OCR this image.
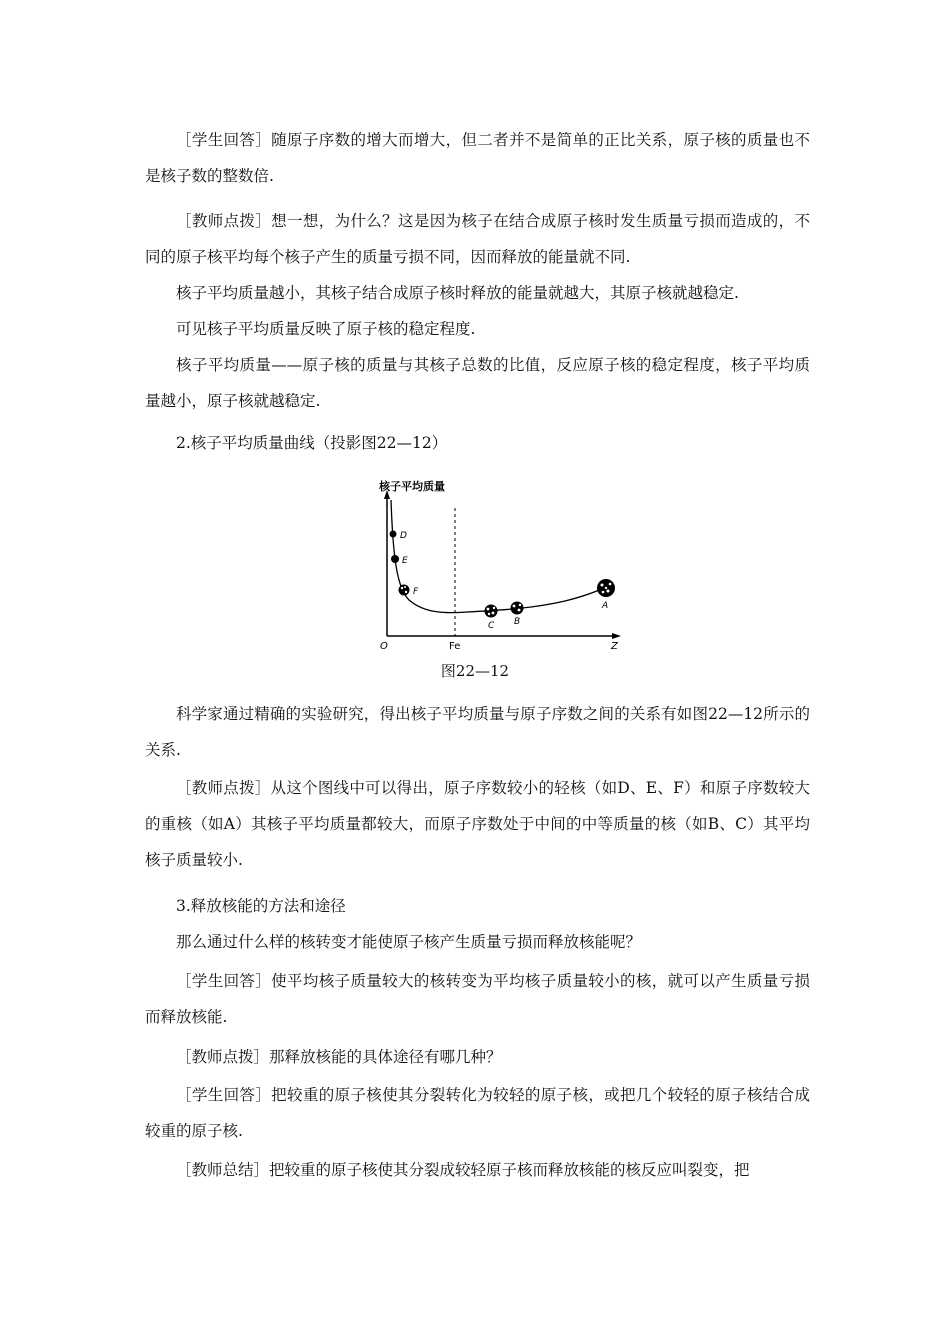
［学生回答］随原子序数的增大而增大，但二者并不是简单的正比关系，原子核的质量也不是核子数的整数倍.

［教师点拨］想一想，为什么？这是因为核子在结合成原子核时发生质量亏损而造成的，不同的原子核平均每个核子产生的质量亏损不同，因而释放的能量就不同.

核子平均质量越小，其核子结合成原子核时释放的能量就越大，其原子核就越稳定.

可见核子平均质量反映了原子核的稳定程度.

核子平均质量——原子核的质量与其核子总数的比值，反应原子核的稳定程度，核子平均质量越小，原子核就越稳定.

2.核子平均质量曲线（投影图22—12）

核子平均质量
O	Fe	Z
D
E
F
C B
A
图22—12

科学家通过精确的实验研究，得出核子平均质量与原子序数之间的关系有如图22—12所示的关系.

［教师点拨］从这个图线中可以得出，原子序数较小的轻核（如D、E、F）和原子序数较大的重核（如A）其核子平均质量都较大，而原子序数处于中间的中等质量的核（如B、C）其平均核子质量较小.

3.释放核能的方法和途径

那么通过什么样的核转变才能使原子核产生质量亏损而释放核能呢？

［学生回答］使平均核子质量较大的核转变为平均核子质量较小的核，就可以产生质量亏损而释放核能.

［教师点拨］那释放核能的具体途径有哪几种？

［学生回答］把较重的原子核使其分裂转化为较轻的原子核，或把几个较轻的原子核结合成较重的原子核.

［教师总结］把较重的原子核使其分裂成较轻原子核而释放核能的核反应叫裂变，把
